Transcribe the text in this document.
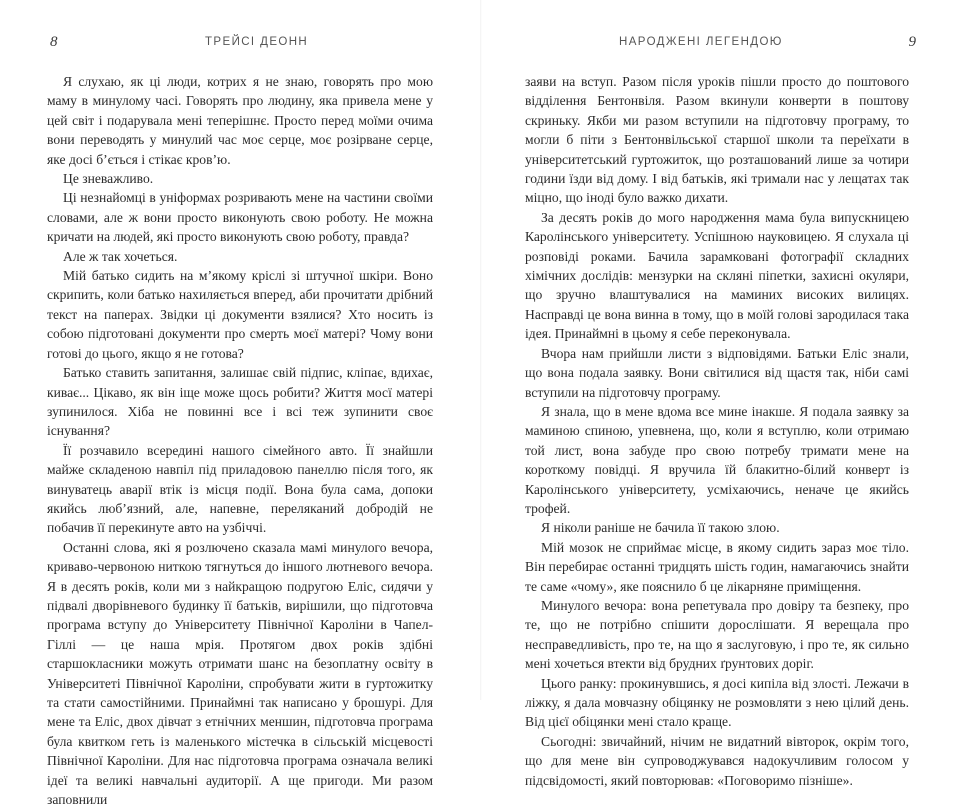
8	ТРЕЙСІ ДЕОНН

Я слухаю, як ці люди, котрих я не знаю, говорять про мою маму в минулому часі. Говорять про людину, яка привела мене у цей світ і подарувала мені теперішнє. Просто перед моїми очима вони переводять у минулий час моє серце, моє розірване серце, яке досі б’ється і стікає кров’ю.

Це зневажливо.

Ці незнайомці в уніформах розривають мене на частини своїми словами, але ж вони просто виконують свою роботу. Не можна кричати на людей, які просто виконують свою роботу, правда?

Але ж так хочеться.

Мій батько сидить на м’якому кріслі зі штучної шкіри. Воно скрипить, коли батько нахиляється вперед, аби прочитати дрібний текст на паперах. Звідки ці документи взялися? Хто носить із собою підготовані документи про смерть моєї матері? Чому вони готові до цього, якщо я не готова?

Батько ставить запитання, залишає свій підпис, кліпає, вдихає, киває... Цікаво, як він іще може щось робити? Життя мосї матері зупинилося. Хіба не повинні все і всі теж зупинити своє існування?

Її розчавило всередині нашого сімейного авто. Її знайшли майже складеною навпіл під приладовою панеллю після того, як винуватець аварії втік із місця події. Вона була сама, допоки якийсь люб’язний, але, напевне, переляканий добродій не побачив її перекинуте авто на узбіччі.

Останні слова, які я розлючено сказала мамі минулого вечора, криваво-червоною ниткою тягнуться до іншого лютневого вечора. Я в десять років, коли ми з найкращою подругою Еліс, сидячи у підвалі дворівневого будинку її батьків, вирішили, що підготовча програма вступу до Університету Північної Кароліни в Чапел-Гіллі — це наша мрія. Протягом двох років здібні старшокласники можуть отримати шанс на безоплатну освіту в Університеті Північної Кароліни, спробувати жити в гуртожитку та стати самостійними. Принаймні так написано у брошурі. Для мене та Еліс, двох дівчат з етнічних меншин, підготовча програма була квитком геть із маленького містечка в сільській місцевості Північної Кароліни. Для нас підготовча програма означала великі ідеї та великі навчальні аудиторії. А ще пригоди. Ми разом заповнили

НАРОДЖЕНІ ЛЕГЕНДОЮ	9

заяви на вступ. Разом після уроків пішли просто до поштового відділення Бентонвіля. Разом вкинули конверти в поштову скриньку. Якби ми разом вступили на підготовчу програму, то могли б піти з Бентонвільської старшої школи та переїхати в університетський гуртожиток, що розташований лише за чотири години їзди від дому. І від батьків, які тримали нас у лещатах так міцно, що іноді було важко дихати.

За десять років до мого народження мама була випускницею Каролінського університету. Успішною науковицею. Я слухала ці розповіді роками. Бачила зарамковані фотографії складних хімічних дослідів: мензурки на скляні піпетки, захисні окуляри, що зручно влаштувалися на маминих високих вилицях. Насправді це вона винна в тому, що в моїй голові зародилася така ідея. Принаймні в цьому я себе переконувала.

Вчора нам прийшли листи з відповідями. Батьки Еліс знали, що вона подала заявку. Вони світилися від щастя так, ніби самі вступили на підготовчу програму.

Я знала, що в мене вдома все мине інакше. Я подала заявку за маминою спиною, упевнена, що, коли я вступлю, коли отримаю той лист, вона забуде про свою потребу тримати мене на короткому повідці. Я вручила їй блакитно-білий конверт із Каролінського університету, усміхаючись, неначе це якийсь трофей.

Я ніколи раніше не бачила її такою злою.

Мій мозок не сприймає місце, в якому сидить зараз моє тіло. Він перебирає останні тридцять шість годин, намагаючись знайти те саме «чому», яке пояснило б це лікарняне приміщення.

Минулого вечора: вона репетувала про довіру та безпеку, про те, що не потрібно спішити дорослішати. Я верещала про несправедливість, про те, на що я заслуговую, і про те, як сильно мені хочеться втекти від брудних ґрунтових доріг.

Цього ранку: прокинувшись, я досі кипіла від злості. Лежачи в ліжку, я дала мовчазну обіцянку не розмовляти з нею цілий день. Від цієї обіцянки мені стало краще.

Сьогодні: звичайний, нічим не видатний вівторок, окрім того, що для мене він супроводжувався надокучливим голосом у підсвідомості, який повторював: «Поговоримо пізніше».
